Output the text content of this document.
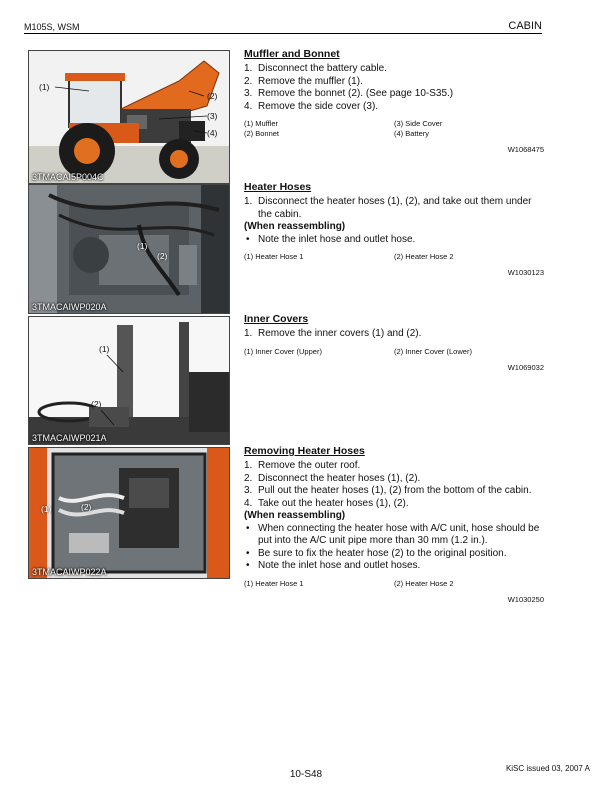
M105S, WSM	CABIN
(1)
(2)
(3)
(4)
3TMACAI5P004C
(1)
(2)
3TMACAIWP020A
(1)
(2)
3TMACAIWP021A
(1)	(2)
3TMACAIWP022A
Muffler and Bonnet
1. Disconnect the battery cable.
2. Remove the muffler (1).
3. Remove the bonnet (2). (See page 10-S35.)
4. Remove the side cover (3).
(1) Muffler	(3) Side Cover
(2) Bonnet	(4) Battery
W1068475
Heater Hoses
1. Disconnect the heater hoses (1), (2), and take out them under the cabin.
(When reassembling)
• Note the inlet hose and outlet hose.
(1) Heater Hose 1	(2) Heater Hose 2
W1030123
Inner Covers
1. Remove the inner covers (1) and (2).
(1) Inner Cover (Upper)	(2) Inner Cover (Lower)
W1069032
Removing Heater Hoses
1. Remove the outer roof.
2. Disconnect the heater hoses (1), (2).
3. Pull out the heater hoses (1), (2) from the bottom of the cabin.
4. Take out the heater hoses (1), (2).
(When reassembling)
• When connecting the heater hose with A/C unit, hose should be put into the A/C unit pipe more than 30 mm (1.2 in.).
• Be sure to fix the heater hose (2) to the original position.
• Note the inlet hose and outlet hoses.
(1) Heater Hose 1	(2) Heater Hose 2
W1030250
10-S48
KiSC issued 03, 2007 A
